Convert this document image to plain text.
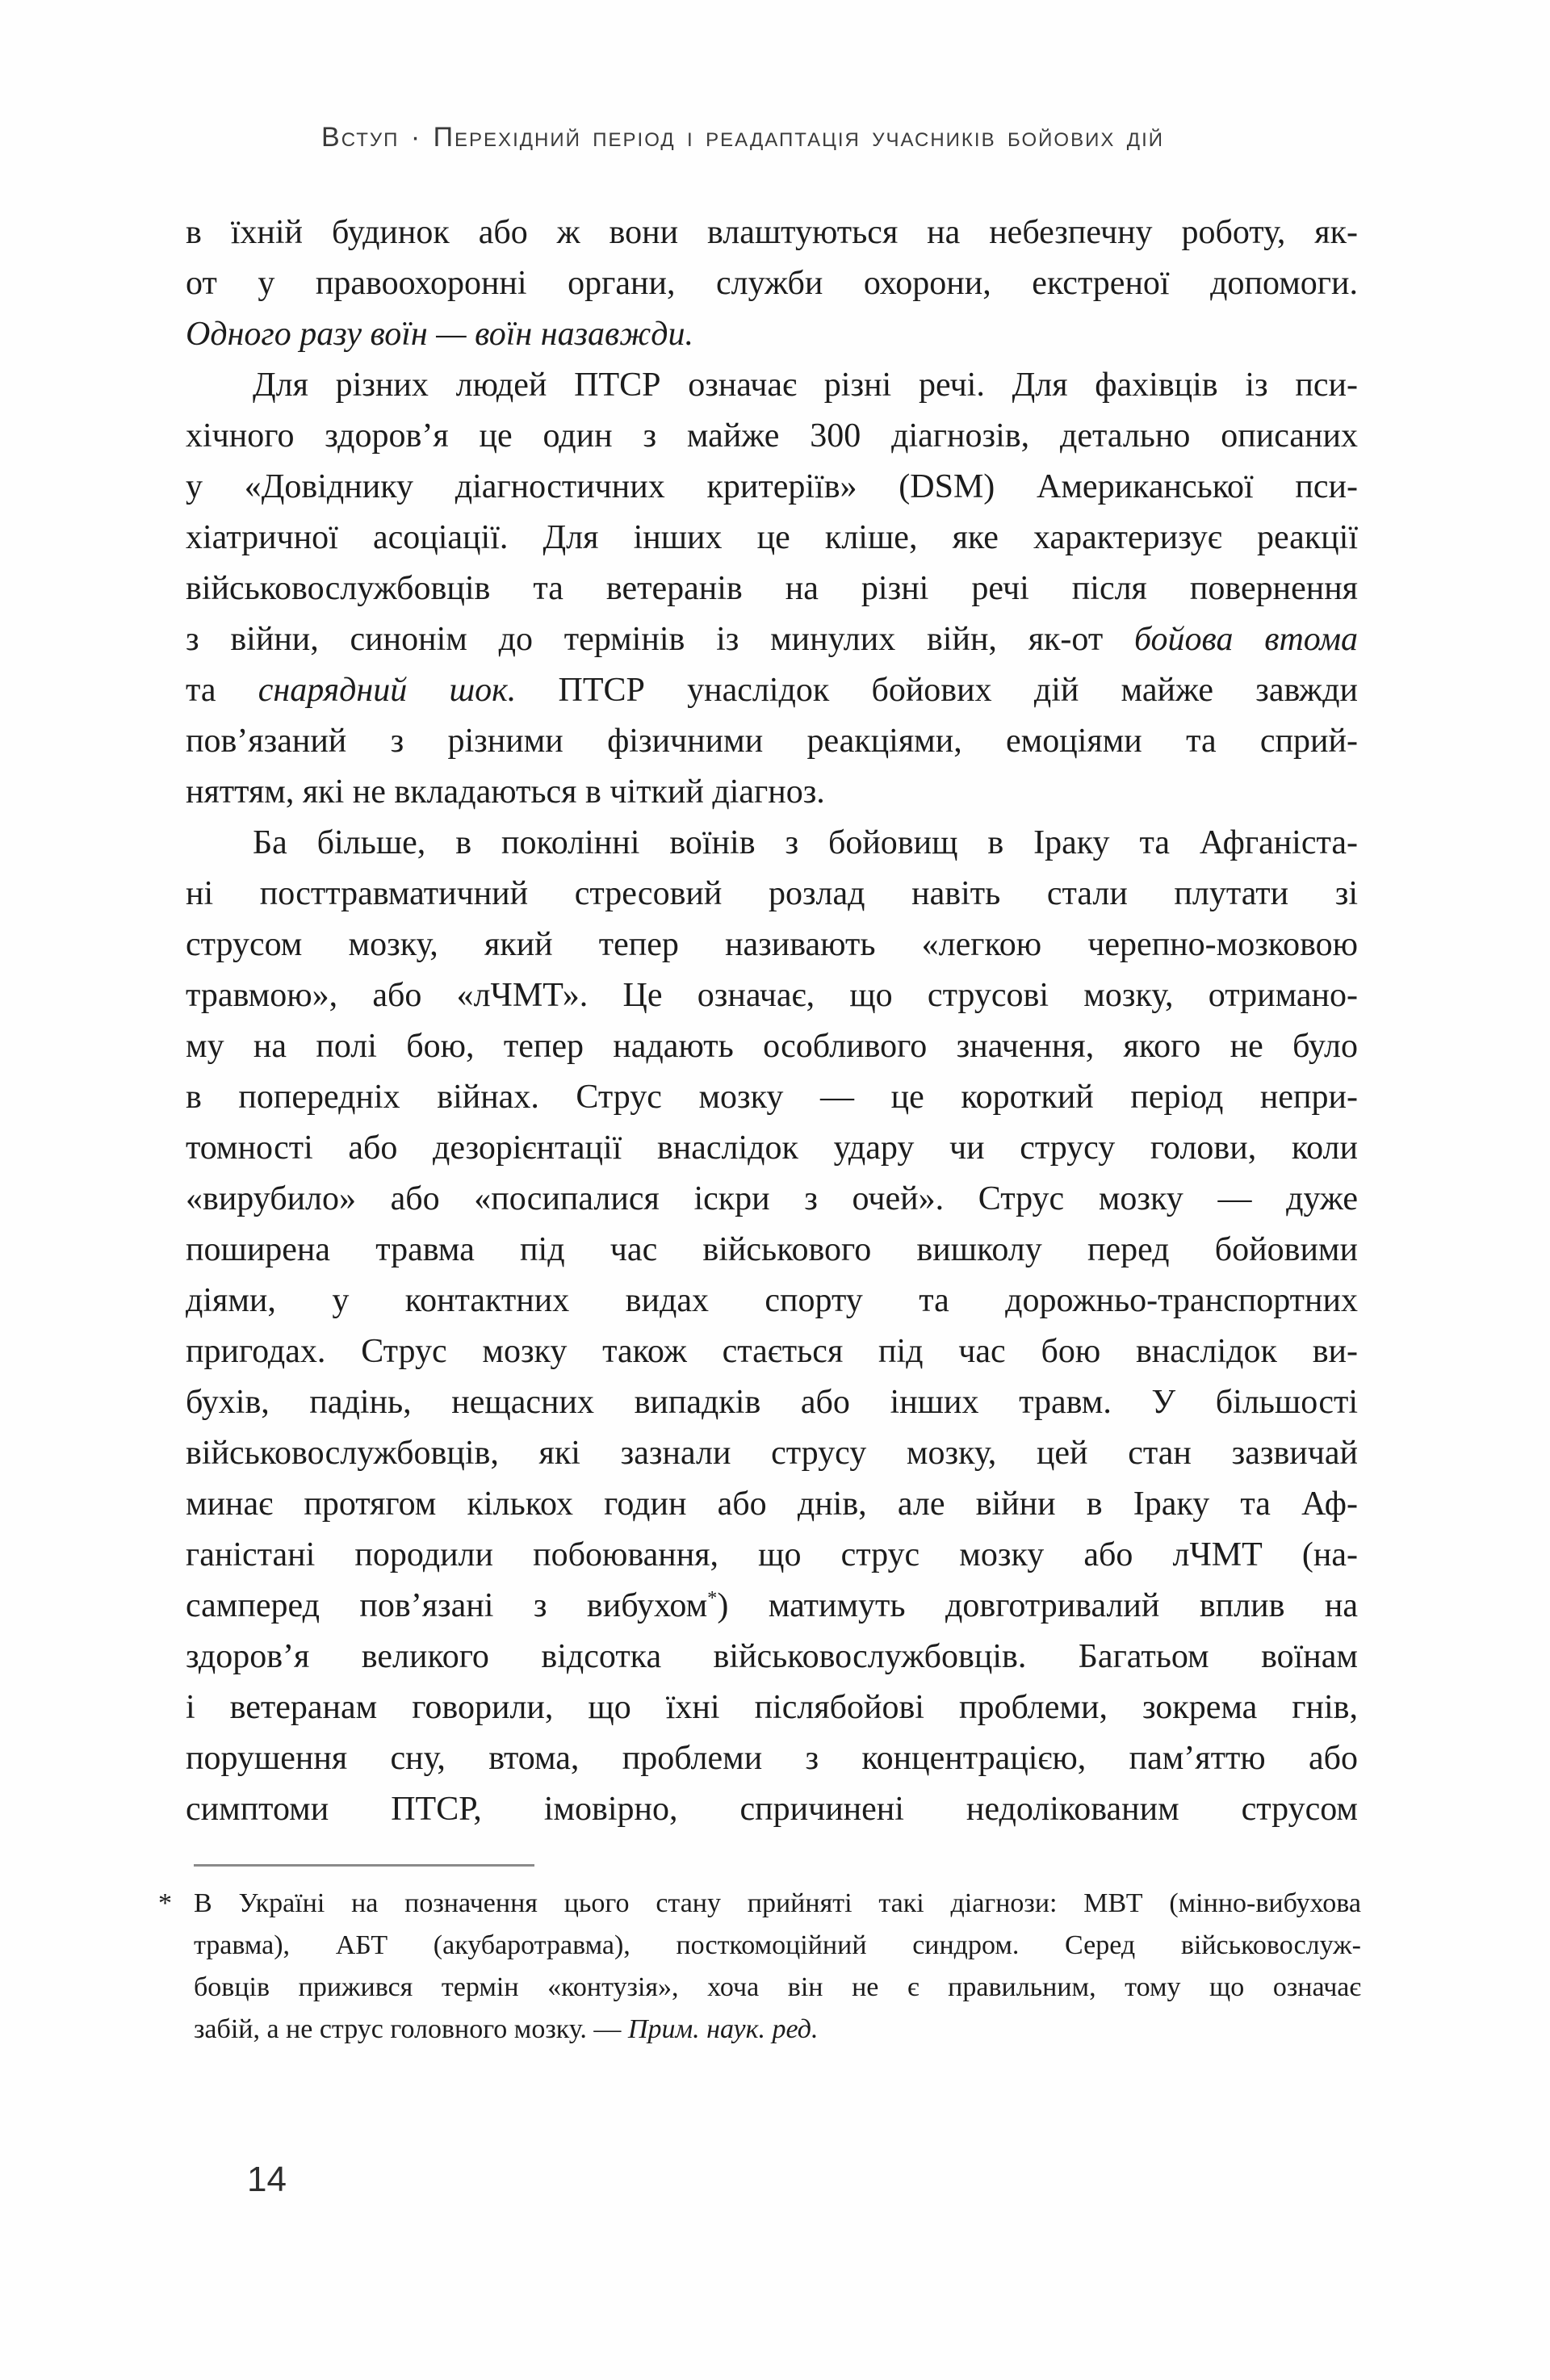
Вступ · Перехідний період і реадаптація учасників бойових дій
в їхній будинок або ж вони влаштуються на небезпечну роботу, як-
от у правоохоронні органи, служби охорони, екстреної допомоги.
Одного разу воїн — воїн назавжди.
Для різних людей ПТСР означає різні речі. Для фахівців із пси-
хічного здоров’я це один з майже 300 діагнозів, детально описаних
у «Довіднику діагностичних критеріїв» (DSM) Американської пси-
хіатричної асоціації. Для інших це кліше, яке характеризує реакції
військовослужбовців та ветеранів на різні речі після повернення
з війни, синонім до термінів із минулих війн, як-от бойова втома
та снарядний шок. ПТСР унаслідок бойових дій майже завжди
пов’язаний з різними фізичними реакціями, емоціями та сприй-
няттям, які не вкладаються в чіткий діагноз.
Ба більше, в поколінні воїнів з бойовищ в Іраку та Афганіста-
ні посттравматичний стресовий розлад навіть стали плутати зі
струсом мозку, який тепер називають «легкою черепно-мозковою
травмою», або «лЧМТ». Це означає, що струсові мозку, отримано-
му на полі бою, тепер надають особливого значення, якого не було
в попередніх війнах. Струс мозку — це короткий період непри-
томності або дезорієнтації внаслідок удару чи струсу голови, коли
«вирубило» або «посипалися іскри з очей». Струс мозку — дуже
поширена травма під час військового вишколу перед бойовими
діями, у контактних видах спорту та дорожньо-транспортних
пригодах. Струс мозку також стається під час бою внаслідок ви-
бухів, падінь, нещасних випадків або інших травм. У більшості
військовослужбовців, які зазнали струсу мозку, цей стан зазвичай
минає протягом кількох годин або днів, але війни в Іраку та Аф-
ганістані породили побоювання, що струс мозку або лЧМТ (на-
самперед пов’язані з вибухом*) матимуть довготривалий вплив на
здоров’я великого відсотка військовослужбовців. Багатьом воїнам
і ветеранам говорили, що їхні післябойові проблеми, зокрема гнів,
порушення сну, втома, проблеми з концентрацією, пам’яттю або
симптоми ПТСР, імовірно, спричинені недолікованим струсом
* В Україні на позначення цього стану прийняті такі діагнози: МВТ (мінно-вибухова
травма), АБТ (акубаротравма), посткомоційний синдром. Серед військовослуж-
бовців прижився термін «контузія», хоча він не є правильним, тому що означає
забій, а не струс головного мозку. — Прим. наук. ред.
14
